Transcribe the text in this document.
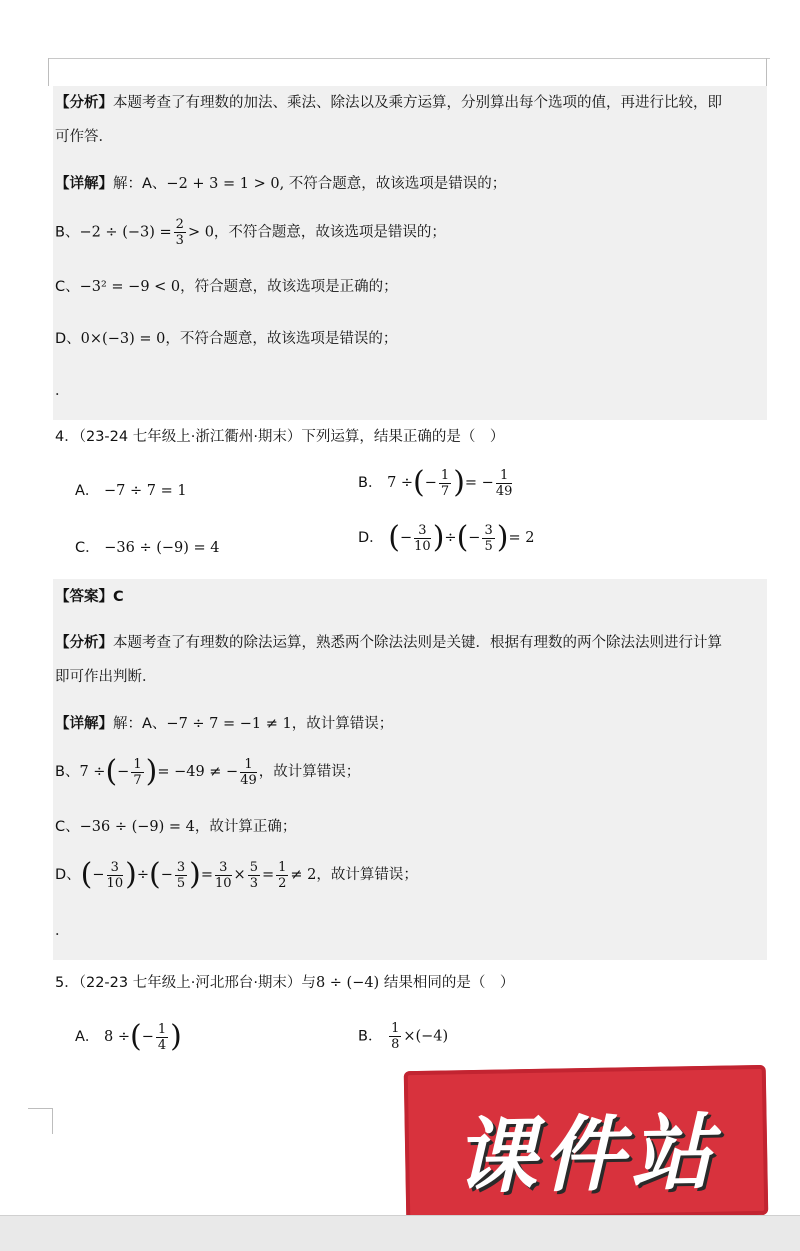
【分析】本题考查了有理数的加法、乘法、除法以及乘方运算，分别算出每个选项的值，再进行比较，即
可作答．
【详解】解：A、−2 + 3 = 1 > 0, 不符合题意，故该选项是错误的；
B、$-2 \div (-3) = \frac{2}{3} > 0$，不符合题意，故该选项是错误的；
C、−3² = −9 < 0，符合题意，故该选项是正确的；
D、0×(−3) = 0，不符合题意，故该选项是错误的；
．
4．（23-24 七年级上·浙江衢州·期末）下列运算，结果正确的是（　）
A． −7 ÷ 7 = 1	B． 7 ÷(− $\frac{1}{7}$ )= − $\frac{1}{49}$
C． −36 ÷ (−9) = 4
D． (− $\frac{3}{10}$ )÷(− $\frac{3}{5}$ )= 2
【答案】C
【分析】本题考查了有理数的除法运算，熟悉两个除法法则是关键．根据有理数的两个除法法则进行计算
即可作出判断．
【详解】解：A、−7 ÷ 7 = −1 ≠ 1，故计算错误；
B、7 ÷(− $\frac{1}{7}$ )= −49 ≠ − $\frac{1}{49}$ ，故计算错误；
C、−36 ÷ (−9) = 4，故计算正确；
D、(− $\frac{3}{10}$ )÷(− $\frac{3}{5}$ )= $\frac{3}{10} \times \frac{5}{3} = \frac{1}{2} \ne 2$，故计算错误；
．
5．（22-23 七年级上·河北邢台·期末）与8 ÷ (−4) 结果相同的是（　）
A． 8 ÷(− $\frac{1}{4}$ )	B． $\frac{1}{8} \times(-4)$
课件站
